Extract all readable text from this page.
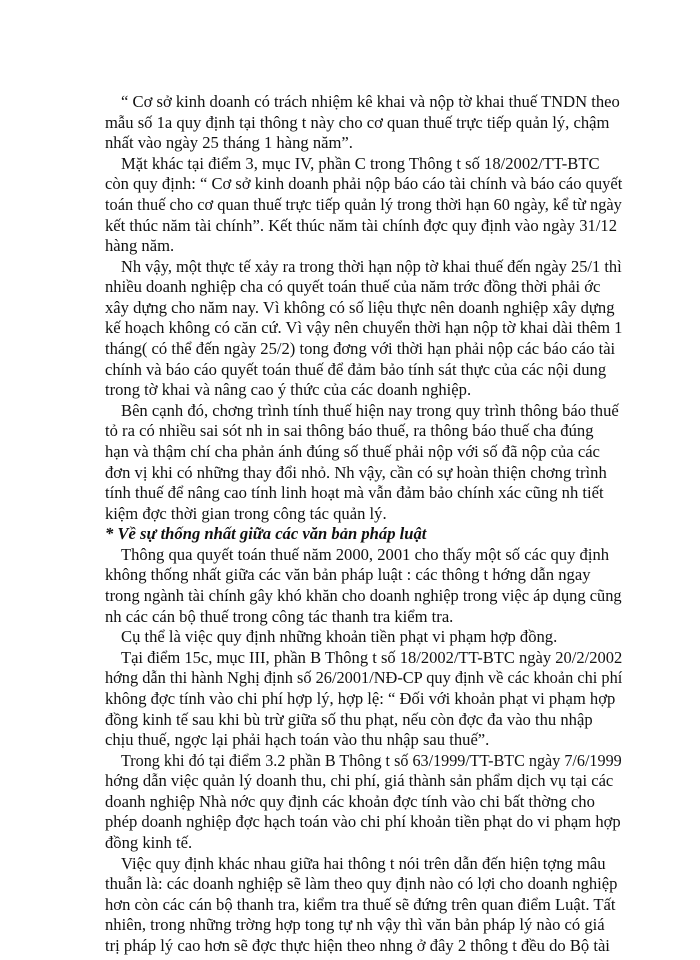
“ Cơ sở kinh doanh có trách nhiệm kê khai và nộp tờ khai thuế TNDN theo
mẫu số 1a quy định tại thông t này cho cơ quan thuế trực tiếp quản lý, chậm
nhất vào ngày 25 tháng 1 hàng năm”.
Mặt khác tại điểm 3, mục IV, phần C trong Thông t số 18/2002/TT-BTC
còn quy định: “ Cơ sở kinh doanh phải nộp báo cáo tài chính và báo cáo quyết
toán thuế cho cơ quan thuế trực tiếp quản lý trong thời hạn 60 ngày, kể từ ngày
kết thúc năm tài chính”. Kết thúc năm tài chính đợc quy định vào ngày 31/12
hàng năm.
Nh vậy, một thực tế xảy ra trong thời hạn nộp tờ khai thuế đến ngày 25/1 thì
nhiều doanh nghiệp cha có quyết toán thuế của năm trớc đồng thời phải ớc
xây dựng cho năm nay. Vì không có số liệu thực nên doanh nghiệp xây dựng
kế hoạch không có căn cứ. Vì vậy nên chuyển thời hạn nộp tờ khai dài thêm 1
tháng( có thể đến ngày 25/2) tong đơng với thời hạn phải nộp các báo cáo tài
chính và báo cáo quyết toán thuế để đảm bảo tính sát thực của các nội dung
trong tờ khai và nâng cao ý thức của các doanh nghiệp.
Bên cạnh đó, chơng trình tính thuế hiện nay trong quy trình thông báo thuế
tỏ ra có nhiều sai sót nh in sai thông báo thuế, ra thông báo thuế cha đúng
hạn và thậm chí cha phản ánh đúng số thuế phải nộp với số đã nộp của các
đơn vị khi có những thay đổi nhỏ. Nh vậy, cần có sự hoàn thiện chơng trình
tính thuế để nâng cao tính linh hoạt mà vẫn đảm bảo chính xác cũng nh tiết
kiệm đợc thời gian trong công tác quản lý.
* Về sự thống nhất giữa các văn bản pháp luật
Thông qua quyết toán thuế năm 2000, 2001 cho thấy một số các quy định
không thống nhất giữa các văn bản pháp luật : các thông t hớng dẫn ngay
trong ngành tài chính gây khó khăn cho doanh nghiệp trong việc áp dụng cũng
nh các cán bộ thuế trong công tác thanh tra kiểm tra.
Cụ thể là việc quy định những khoản tiền phạt vi phạm hợp đồng.
Tại điểm 15c, mục III, phần B Thông t số 18/2002/TT-BTC ngày 20/2/2002
hớng dẫn thi hành Nghị định số 26/2001/NĐ-CP quy định về các khoản chi phí
không đợc tính vào chi phí hợp lý, hợp lệ: “ Đối với khoản phạt vi phạm hợp
đồng kinh tế sau khi bù trừ giữa số thu phạt, nếu còn đợc đa vào thu nhập
chịu thuế, ngợc lại phải hạch toán vào thu nhập sau thuế”.
Trong khi đó tại điểm 3.2 phần B Thông t số 63/1999/TT-BTC ngày 7/6/1999
hớng dẫn việc quản lý doanh thu, chi phí, giá thành sản phẩm dịch vụ tại các
doanh nghiệp Nhà nớc quy định các khoản đợc tính vào chi bất thờng cho
phép doanh nghiệp đợc hạch toán vào chi phí khoản tiền phạt do vi phạm hợp
đồng kinh tế.
Việc quy định khác nhau giữa hai thông t nói trên dẫn đến hiện tợng mâu
thuẫn là: các doanh nghiệp sẽ làm theo quy định nào có lợi cho doanh nghiệp
hơn còn các cán bộ thanh tra, kiểm tra thuế sẽ đứng trên quan điểm Luật. Tất
nhiên, trong những trờng hợp tong tự nh vậy thì văn bản pháp lý nào có giá
trị pháp lý cao hơn sẽ đợc thực hiện theo nhng ở đây 2 thông t đều do Bộ tài
